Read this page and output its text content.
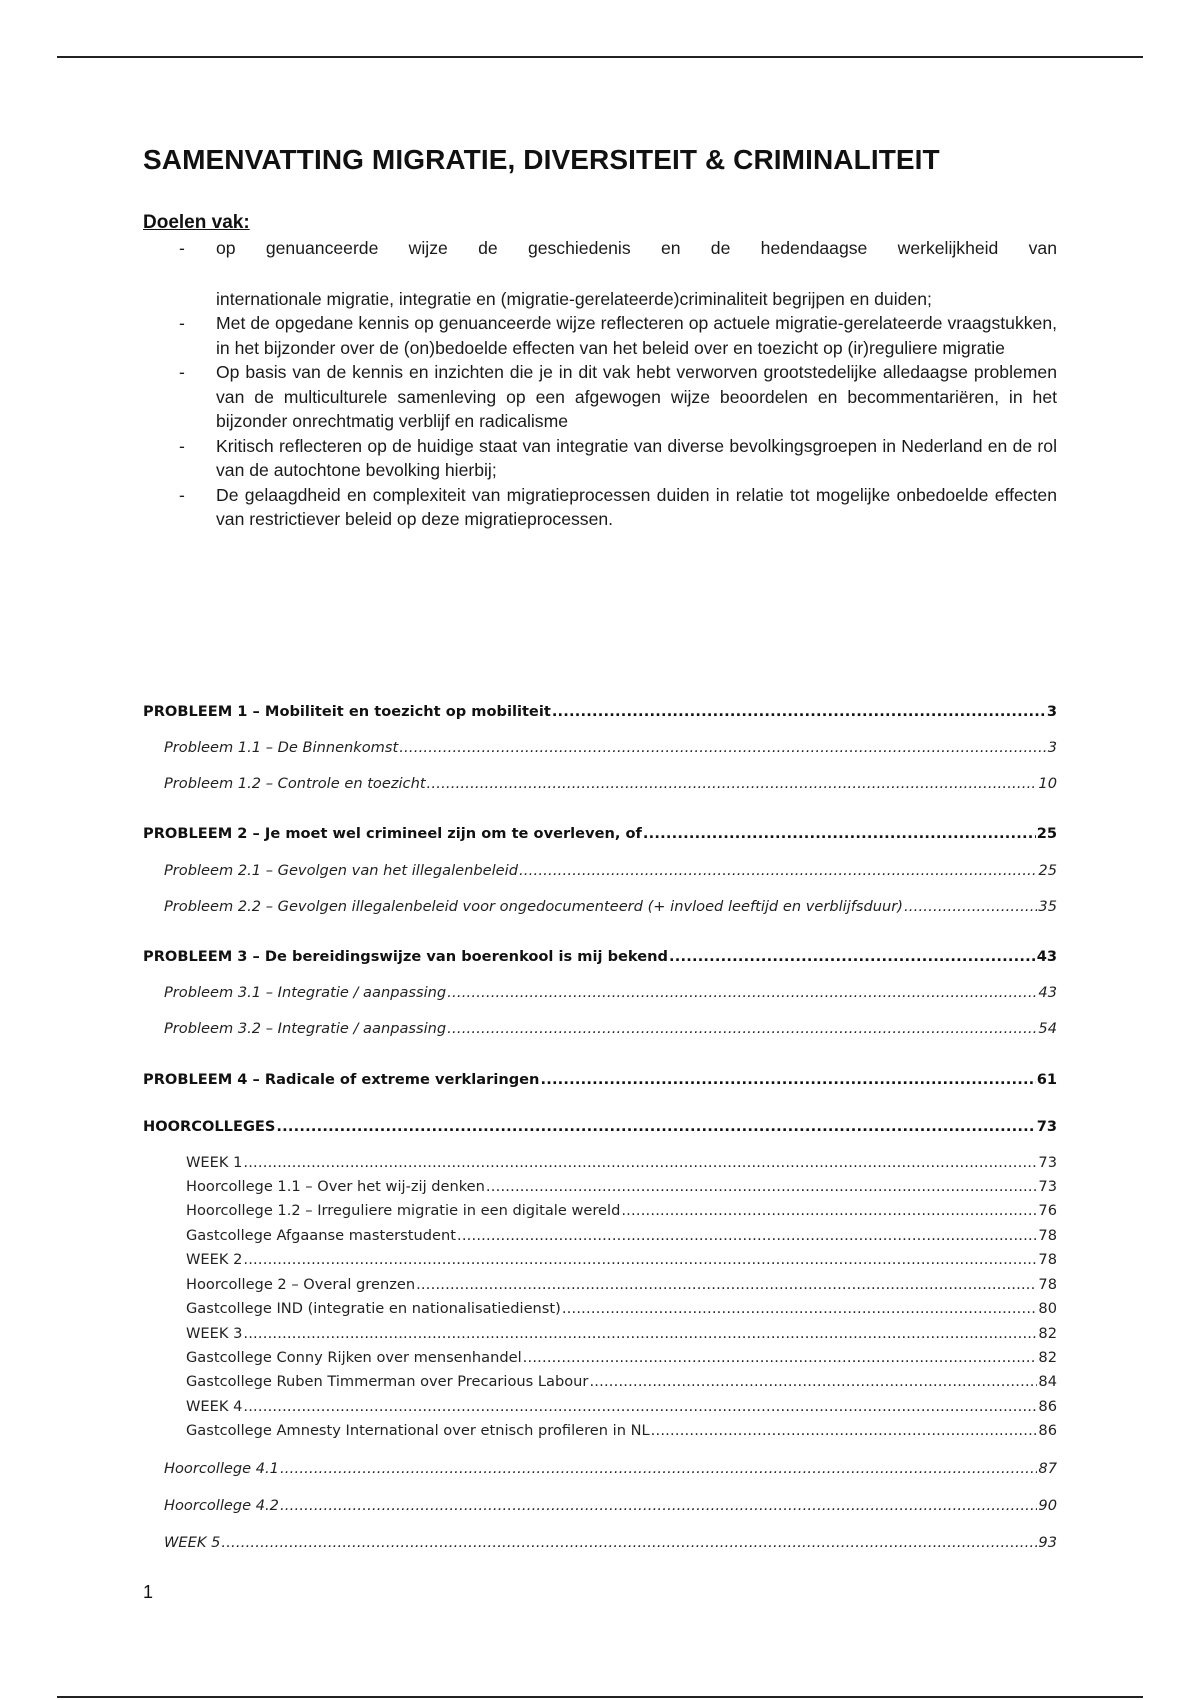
SAMENVATTING MIGRATIE, DIVERSITEIT & CRIMINALITEIT
Doelen vak:
- op genuanceerde wijze de geschiedenis en de hedendaagse werkelijkheid van
internationale migratie, integratie en (migratie-gerelateerde)criminaliteit begrijpen en duiden;
- Met de opgedane kennis op genuanceerde wijze reflecteren op actuele migratie-gerelateerde vraagstukken, in het bijzonder over de (on)bedoelde effecten van het beleid over en toezicht op (ir)reguliere migratie
- Op basis van de kennis en inzichten die je in dit vak hebt verworven grootstedelijke alledaagse problemen van de multiculturele samenleving op een afgewogen wijze beoordelen en becommentariëren, in het bijzonder onrechtmatig verblijf en radicalisme
- Kritisch reflecteren op de huidige staat van integratie van diverse bevolkingsgroepen in Nederland en de rol van de autochtone bevolking hierbij;
- De gelaagdheid en complexiteit van migratieprocessen duiden in relatie tot mogelijke onbedoelde effecten van restrictiever beleid op deze migratieprocessen.
PROBLEEM 1 – Mobiliteit en toezicht op mobiliteit .....	3
Probleem 1.1 – De Binnenkomst .....	3
Probleem 1.2 – Controle en toezicht .....	10
PROBLEEM 2 – Je moet wel crimineel zijn om te overleven, of .....	25
Probleem 2.1 – Gevolgen van het illegalenbeleid .....	25
Probleem 2.2 – Gevolgen illegalenbeleid voor ongedocumenteerd (+ invloed leeftijd en verblijfsduur) .....	35
PROBLEEM 3 – De bereidingswijze van boerenkool is mij bekend .....	43
Probleem 3.1 – Integratie / aanpassing .....	43
Probleem 3.2 – Integratie / aanpassing .....	54
PROBLEEM 4 – Radicale of extreme verklaringen .....	61
HOORCOLLEGES .....	73
WEEK 1 .....	73
Hoorcollege 1.1 – Over het wij-zij denken .....	73
Hoorcollege 1.2 – Irreguliere migratie in een digitale wereld .....	76
Gastcollege Afgaanse masterstudent .....	78
WEEK 2 .....	78
Hoorcollege 2 – Overal grenzen .....	78
Gastcollege IND (integratie en nationalisatiedienst) .....	80
WEEK 3 .....	82
Gastcollege Conny Rijken over mensenhandel .....	82
Gastcollege Ruben Timmerman over Precarious Labour .....	84
WEEK 4 .....	86
Gastcollege Amnesty International over etnisch profileren in NL .....	86
Hoorcollege 4.1 .....	87
Hoorcollege 4.2 .....	90
WEEK 5 .....	93
1
